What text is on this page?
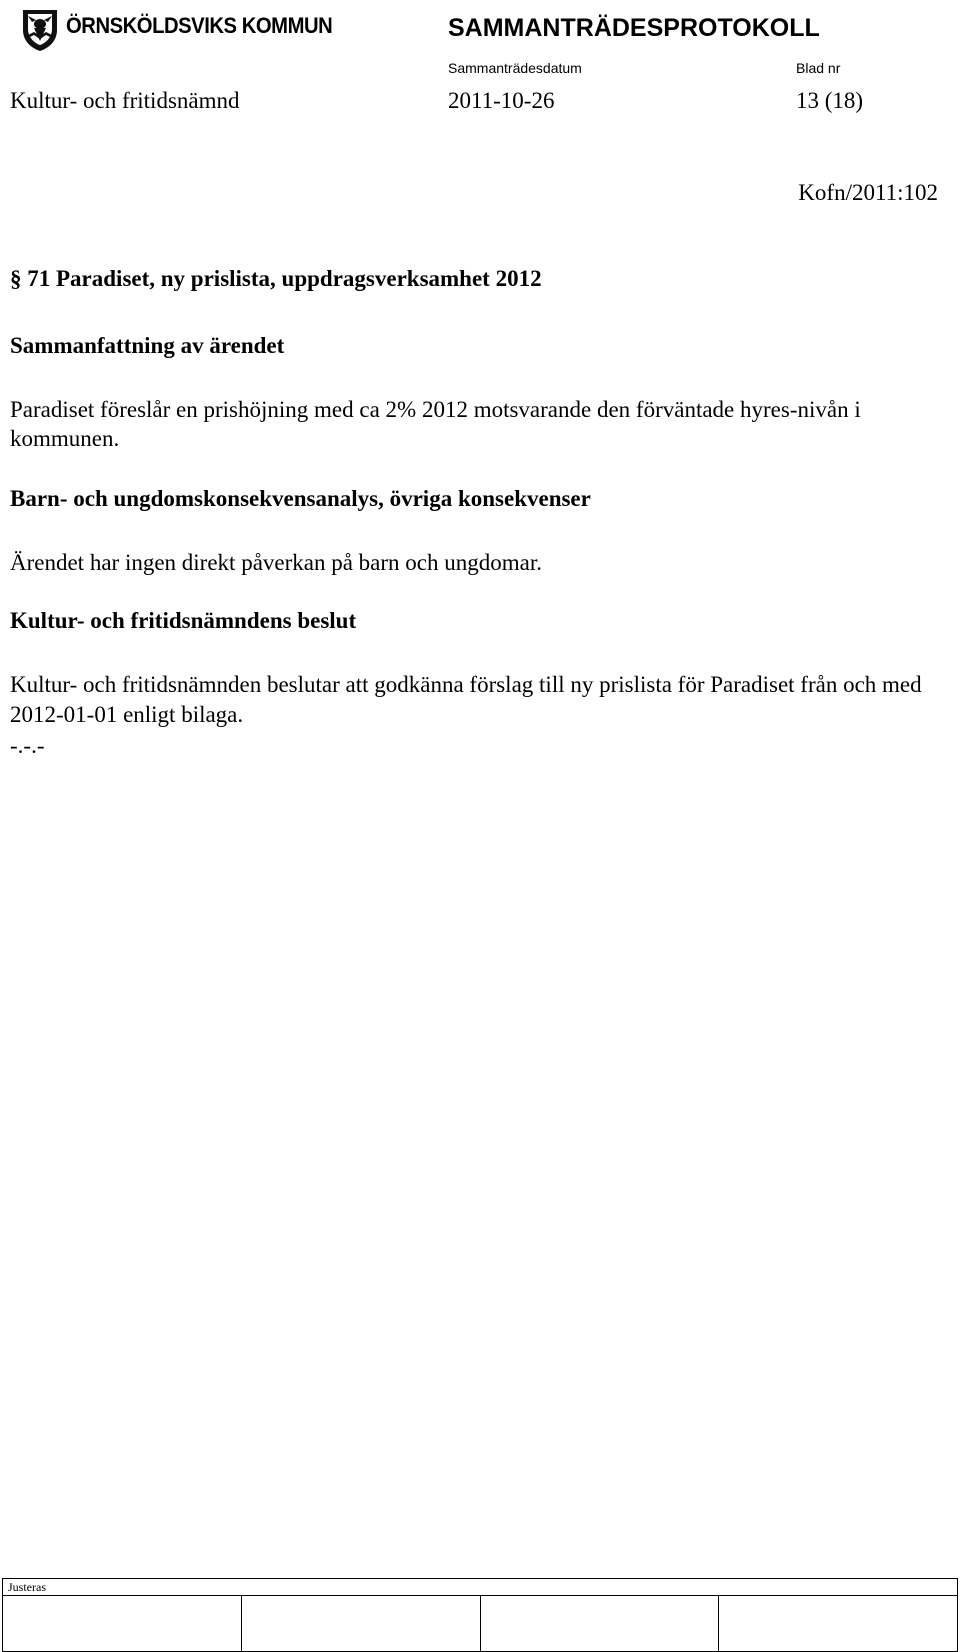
ÖRNSKÖLDSVIKS KOMMUN	SAMMANTRÄDESPROTOKOLL
Sammanträdesdatum	Blad nr
Kultur- och fritidsnämnd	2011-10-26	13 (18)
Kofn/2011:102
§ 71 Paradiset, ny prislista, uppdragsverksamhet 2012
Sammanfattning av ärendet
Paradiset föreslår en prishöjning med ca 2% 2012 motsvarande den förväntade hyres-nivån i kommunen.
Barn- och ungdomskonsekvensanalys, övriga konsekvenser
Ärendet har ingen direkt påverkan på barn och ungdomar.
Kultur- och fritidsnämndens beslut
Kultur- och fritidsnämnden beslutar att godkänna förslag till ny prislista för Paradiset från och med 2012-01-01 enligt bilaga.
-.-.-
Justeras
